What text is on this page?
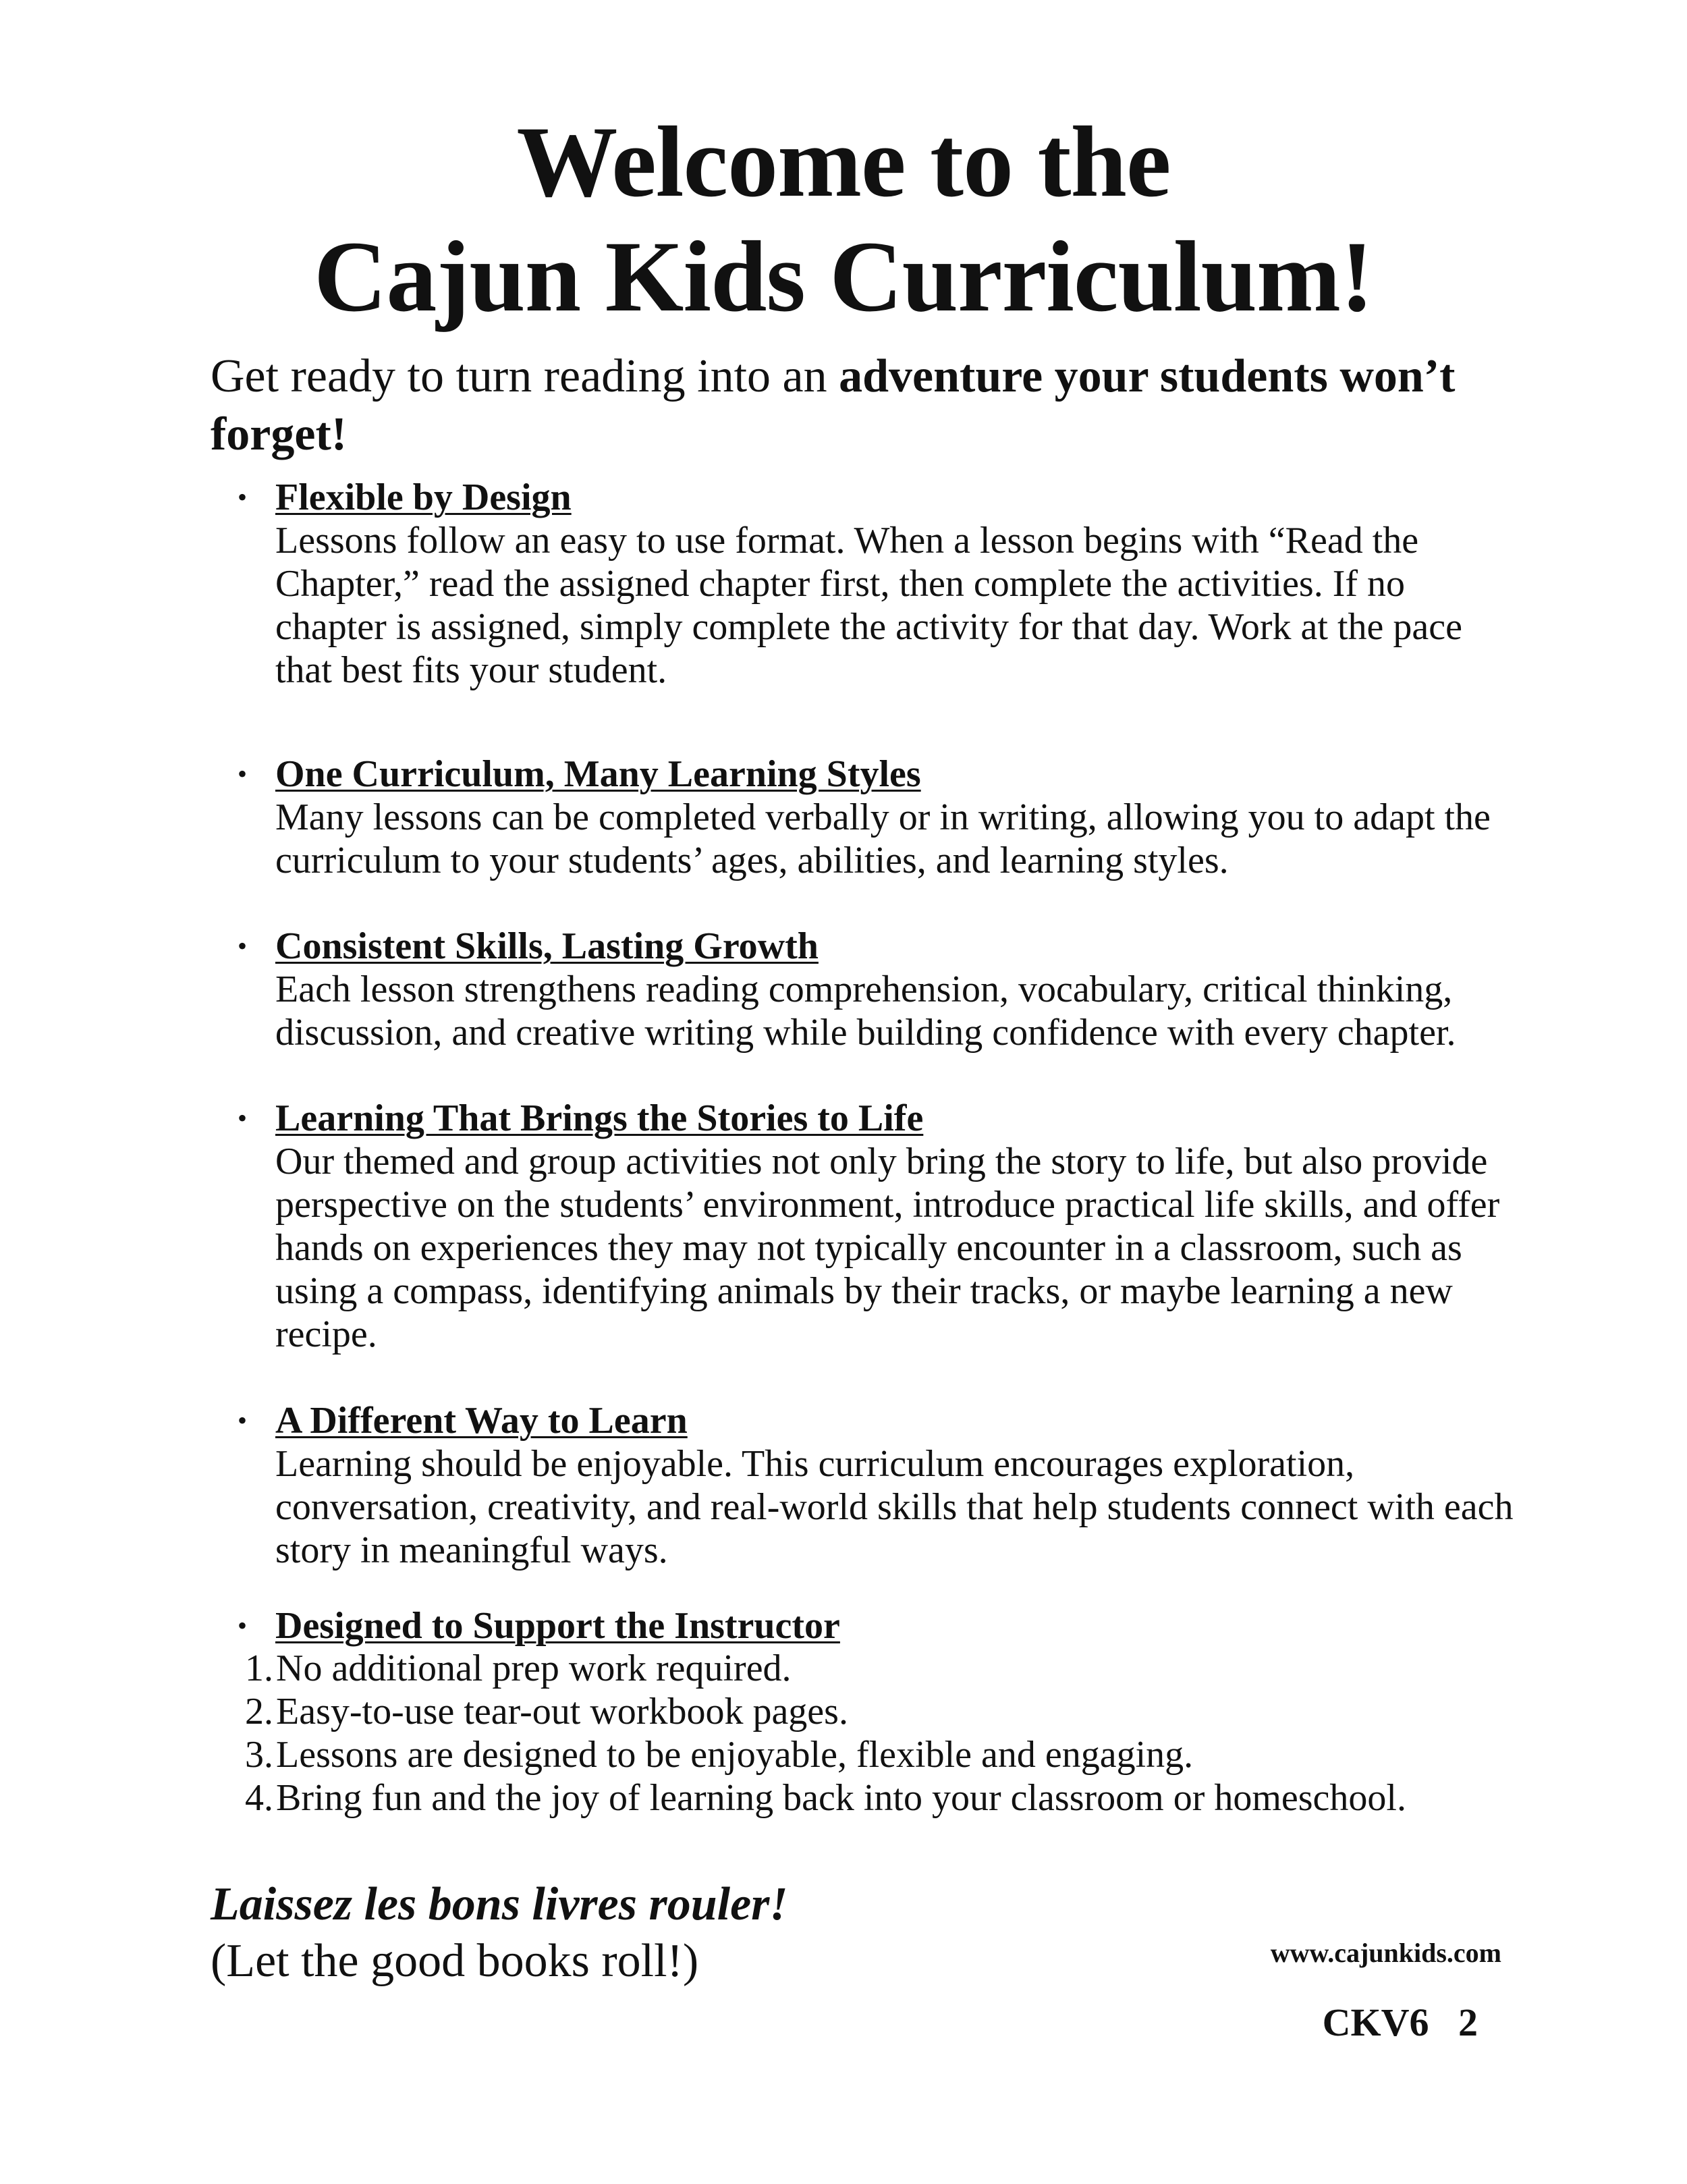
Welcome to the
Cajun Kids Curriculum!
Get ready to turn reading into an adventure your students won’t forget!
• Flexible by Design
Lessons follow an easy to use format. When a lesson begins with “Read the Chapter,” read the assigned chapter first, then complete the activities. If no chapter is assigned, simply complete the activity for that day. Work at the pace that best fits your student.
• One Curriculum, Many Learning Styles
Many lessons can be completed verbally or in writing, allowing you to adapt the curriculum to your students’ ages, abilities, and learning styles.
• Consistent Skills, Lasting Growth
Each lesson strengthens reading comprehension, vocabulary, critical thinking, discussion, and creative writing while building confidence with every chapter.
• Learning That Brings the Stories to Life
Our themed and group activities not only bring the story to life, but also provide perspective on the students’ environment, introduce practical life skills, and offer hands on experiences they may not typically encounter in a classroom, such as using a compass, identifying animals by their tracks, or maybe learning a new recipe.
• A Different Way to Learn
Learning should be enjoyable. This curriculum encourages exploration, conversation, creativity, and real-world skills that help students connect with each story in meaningful ways.
• Designed to Support the Instructor
1. No additional prep work required.
2. Easy-to-use tear-out workbook pages.
3. Lessons are designed to be enjoyable, flexible and engaging.
4. Bring fun and the joy of learning back into your classroom or homeschool.
Laissez les bons livres rouler!
(Let the good books roll!)	www.cajunkids.com
CKV6   2
